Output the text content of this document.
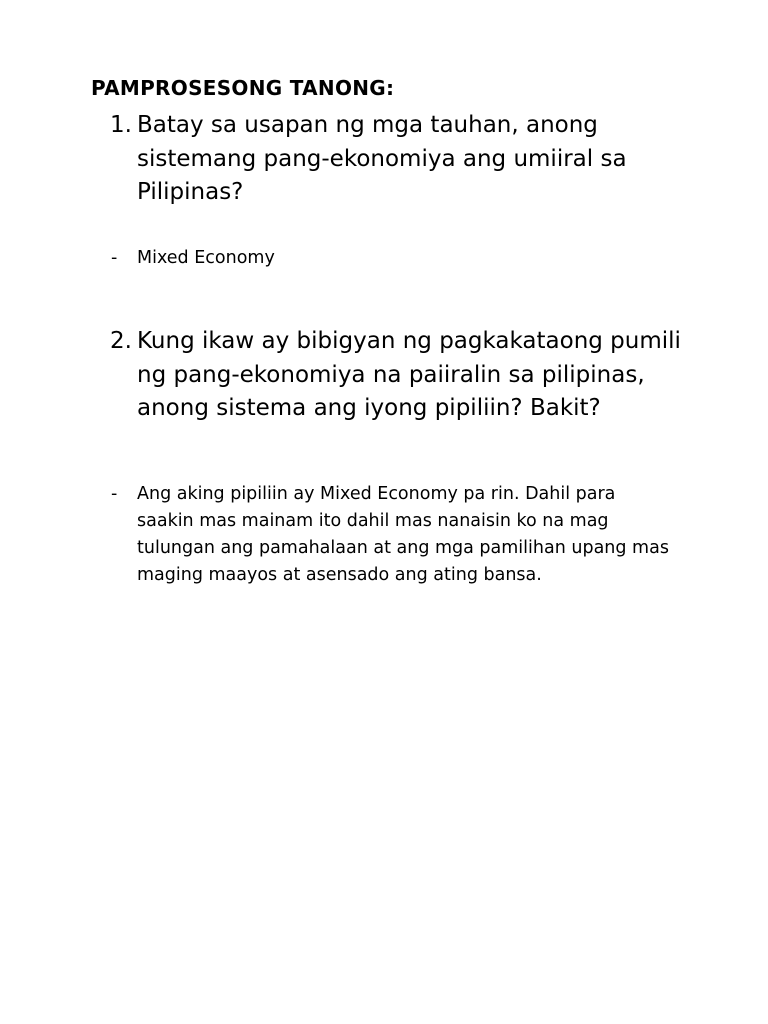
PAMPROSESONG TANONG:
1. Batay sa usapan ng mga tauhan, anong sistemang pang-ekonomiya ang umiiral sa Pilipinas?
-	Mixed Economy
2. Kung ikaw ay bibigyan ng pagkakataong pumili ng pang-ekonomiya na paiiralin sa pilipinas, anong sistema ang iyong pipiliin? Bakit?
-	Ang aking pipiliin ay Mixed Economy pa rin. Dahil para saakin mas mainam ito dahil mas nanaisin ko na mag tulungan ang pamahalaan at ang mga pamilihan upang mas maging maayos at asensado ang ating bansa.
